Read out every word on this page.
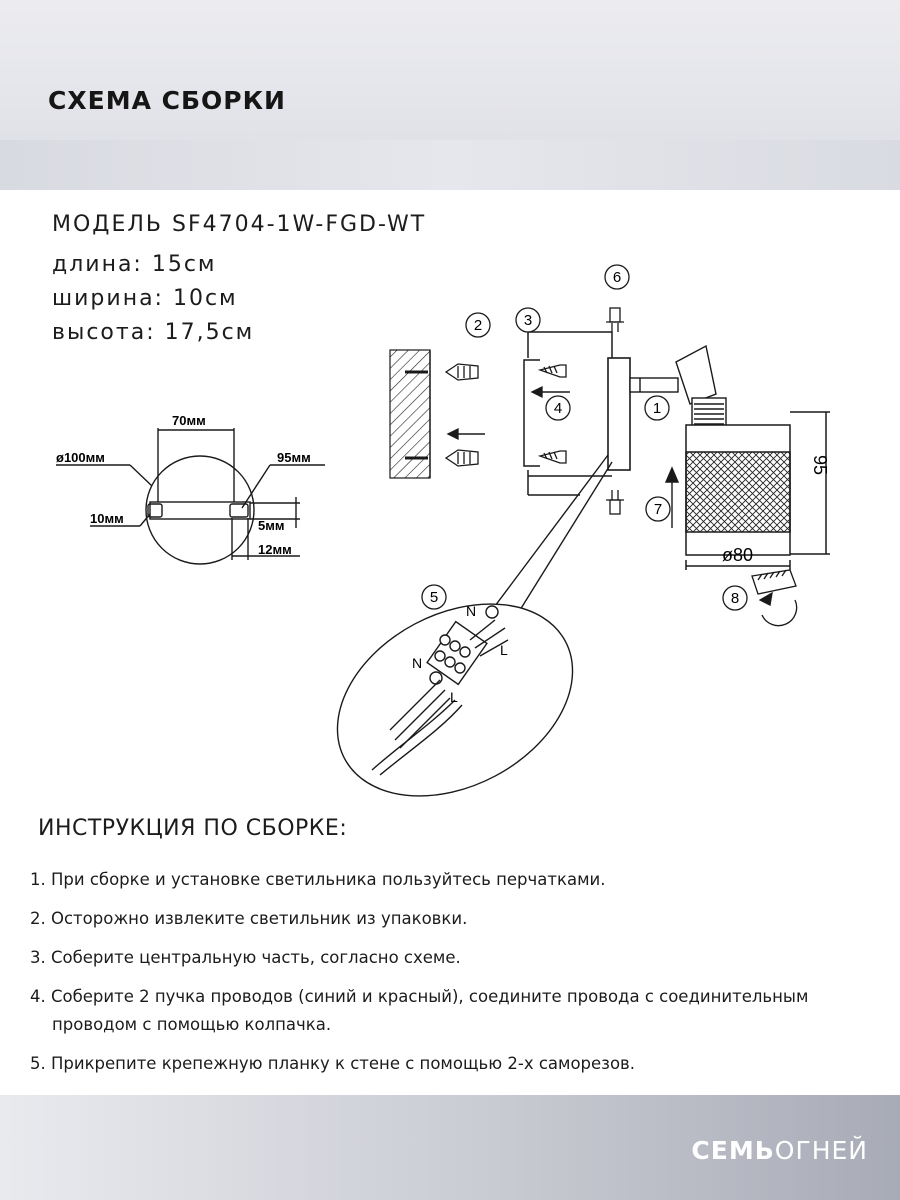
СХЕМА СБОРКИ
МОДЕЛЬ SF4704-1W-FGD-WT
длина: 15см
ширина: 10см
высота: 17,5см
70мм
ø100мм	95мм
10мм	5мм
12мм
95
ø80
1
2	3
4
5
6
7
8
N
N
L
L
ИНСТРУКЦИЯ ПО СБОРКЕ:
1. При сборке и установке светильника пользуйтесь перчатками.
2. Осторожно извлеките светильник из упаковки.
3. Соберите центральную часть, согласно схеме.
4. Соберите 2 пучка проводов (синий и красный), соедините провода с соединительным
проводом с помощью колпачка.
5. Прикрепите крепежную планку к стене с помощью 2-х саморезов.
СЕМЬОГНЕЙ
